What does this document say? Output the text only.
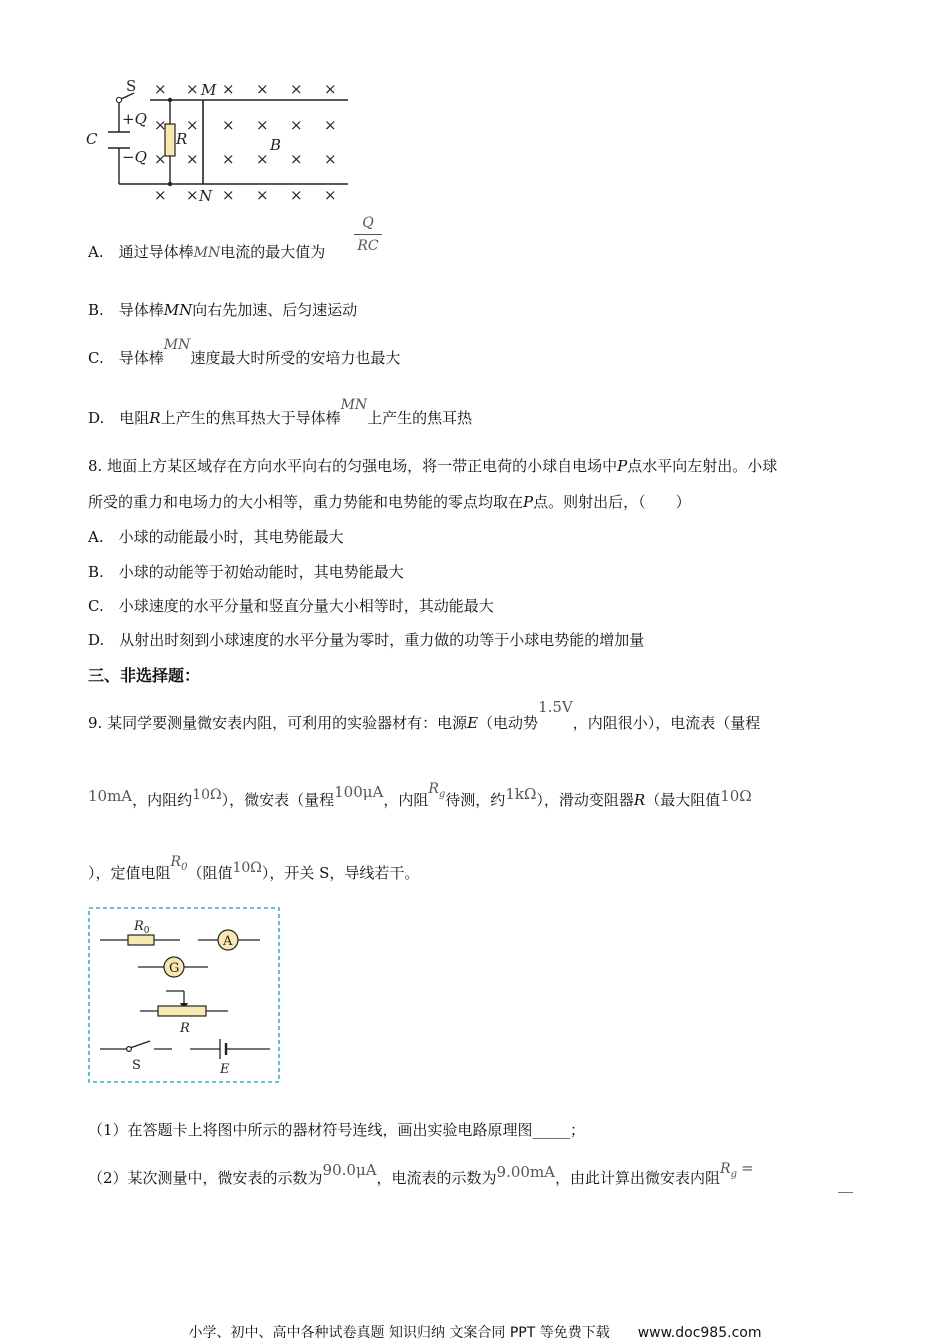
× × × × × ×
× × × × × ×
× × × × × ×
× × × × × ×
S	M
N
R	B
C
+Q
−Q
A.　通过导体棒MN电流的最大值为
Q
RC
B.　导体棒MN向右先加速、后匀速运动
C.　导体棒MN速度最大时所受的安培力也最大
D.　电阻R上产生的焦耳热大于导体棒MN上产生的焦耳热
8. 地面上方某区域存在方向水平向右的匀强电场，将一带正电荷的小球自电场中P点水平向左射出。小球
所受的重力和电场力的大小相等，重力势能和电势能的零点均取在P点。则射出后，（　　）
A.　小球的动能最小时，其电势能最大
B.　小球的动能等于初始动能时，其电势能最大
C.　小球速度的水平分量和竖直分量大小相等时，其动能最大
D.　从射出时刻到小球速度的水平分量为零时，重力做的功等于小球电势能的增加量
三、非选择题：
9. 某同学要测量微安表内阻，可利用的实验器材有：电源E（电动势1.5V，内阻很小），电流表（量程
10mA，内阻约10Ω），微安表（量程100μA，内阻$R_g$待测，约1kΩ），滑动变阻器R（最大阻值10Ω
），定值电阻$R_0$（阻值10Ω），开关 S，导线若干。
$R_0$
A
G
R
S	E
（1）在答题卡上将图中所示的器材符号连线，画出实验电路原理图_____；
（2）某次测量中，微安表的示数为90.0μA，电流表的示数为9.00mA，由此计算出微安表内阻$R_g$ =
__
小学、初中、高中各种试卷真题 知识归纳 文案合同 PPT 等免费下载　　www.doc985.com
